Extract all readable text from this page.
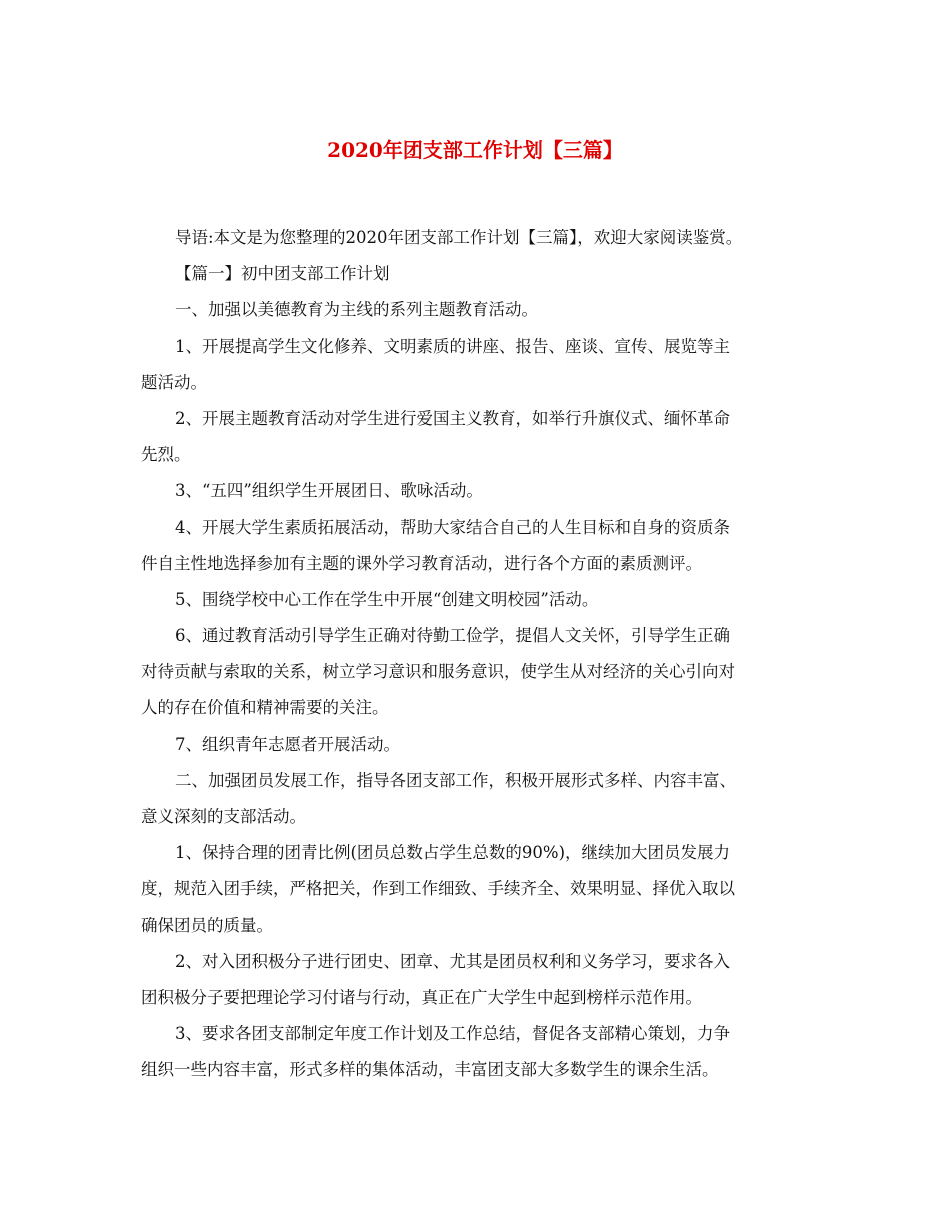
2020年团支部工作计划【三篇】

导语:本文是为您整理的2020年团支部工作计划【三篇】，欢迎大家阅读鉴赏。

【篇一】初中团支部工作计划

一、加强以美德教育为主线的系列主题教育活动。

1、开展提高学生文化修养、文明素质的讲座、报告、座谈、宣传、展览等主

题活动。

2、开展主题教育活动对学生进行爱国主义教育，如举行升旗仪式、缅怀革命

先烈。

3、“五四”组织学生开展团日、歌咏活动。

4、开展大学生素质拓展活动，帮助大家结合自己的人生目标和自身的资质条

件自主性地选择参加有主题的课外学习教育活动，进行各个方面的素质测评。

5、围绕学校中心工作在学生中开展“创建文明校园”活动。

6、通过教育活动引导学生正确对待勤工俭学，提倡人文关怀，引导学生正确

对待贡献与索取的关系，树立学习意识和服务意识，使学生从对经济的关心引向对

人的存在价值和精神需要的关注。

7、组织青年志愿者开展活动。

二、加强团员发展工作，指导各团支部工作，积极开展形式多样、内容丰富、

意义深刻的支部活动。

1、保持合理的团青比例(团员总数占学生总数的90%)，继续加大团员发展力

度，规范入团手续，严格把关，作到工作细致、手续齐全、效果明显、择优入取以

确保团员的质量。

2、对入团积极分子进行团史、团章、尤其是团员权利和义务学习，要求各入

团积极分子要把理论学习付诸与行动，真正在广大学生中起到榜样示范作用。

3、要求各团支部制定年度工作计划及工作总结，督促各支部精心策划，力争

组织一些内容丰富，形式多样的集体活动，丰富团支部大多数学生的课余生活。
